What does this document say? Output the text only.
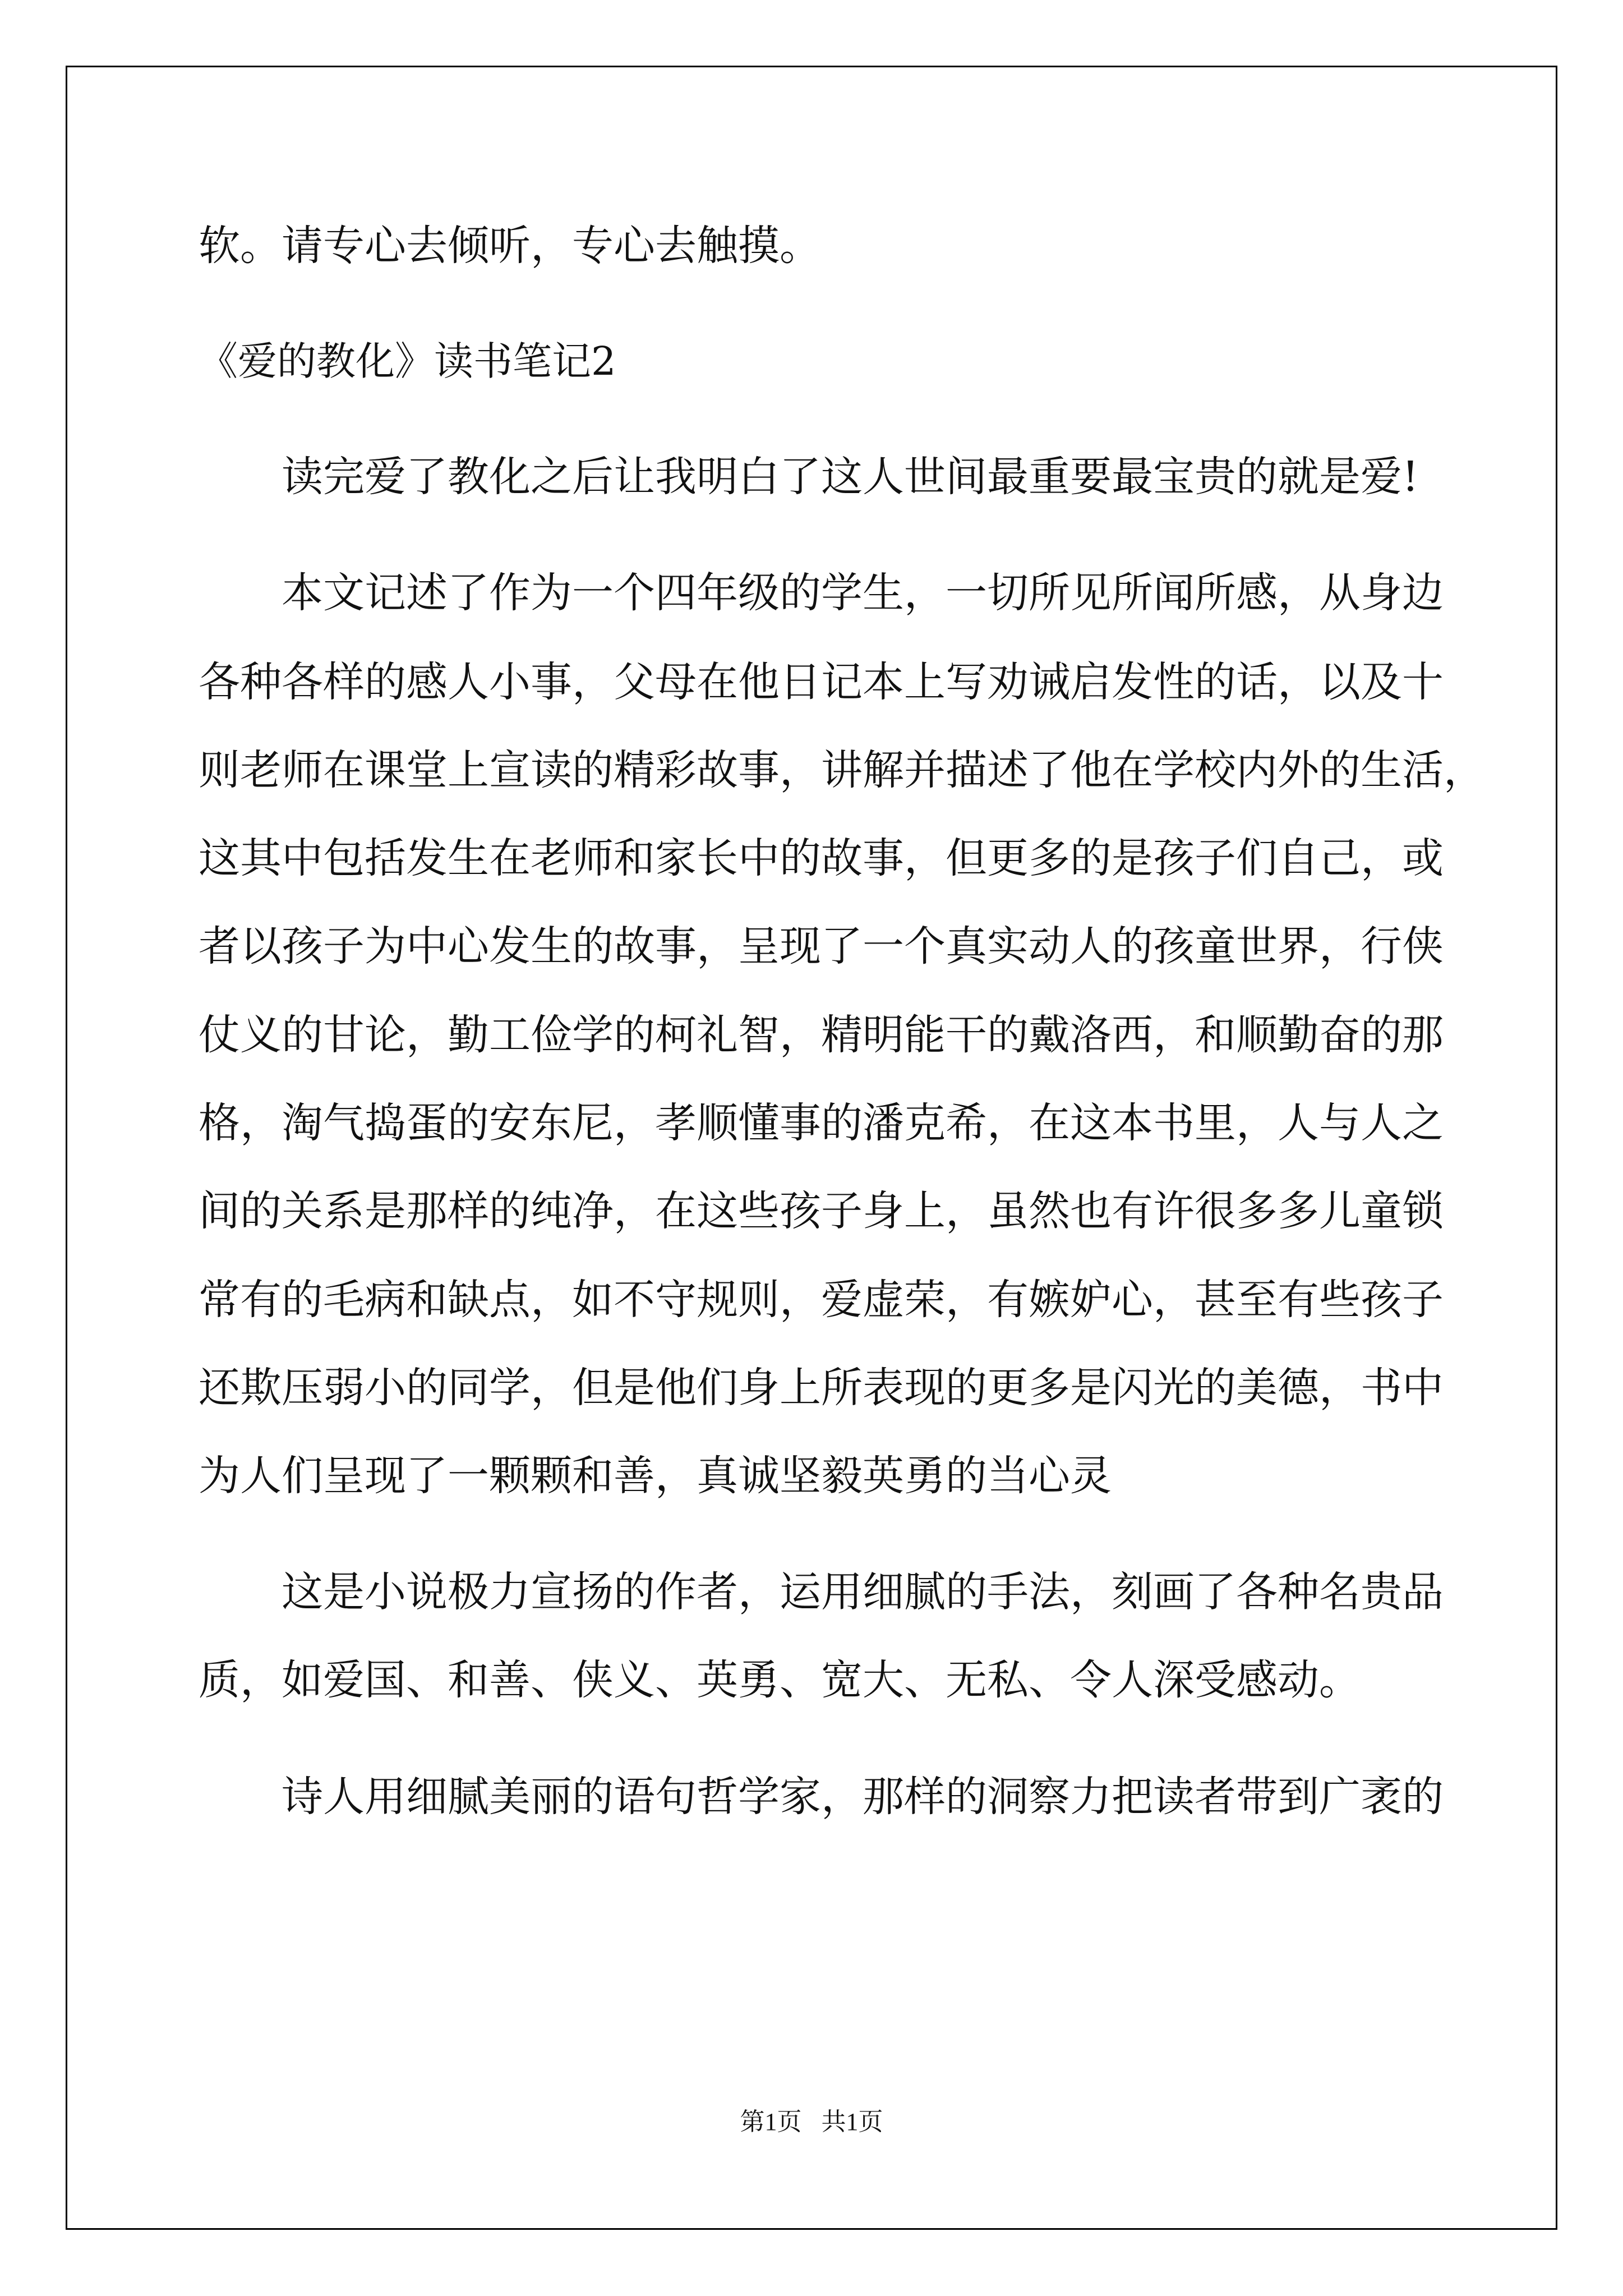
软。请专心去倾听，专心去触摸。

《爱的教化》读书笔记2

读完爱了教化之后让我明白了这人世间最重要最宝贵的就是爱!

本文记述了作为一个四年级的学生，一切所见所闻所感，从身边

各种各样的感人小事，父母在他日记本上写劝诫启发性的话，以及十

则老师在课堂上宣读的精彩故事，讲解并描述了他在学校内外的生活，

这其中包括发生在老师和家长中的故事，但更多的是孩子们自己，或

者以孩子为中心发生的故事，呈现了一个真实动人的孩童世界，行侠

仗义的甘论，勤工俭学的柯礼智，精明能干的戴洛西，和顺勤奋的那

格，淘气捣蛋的安东尼，孝顺懂事的潘克希，在这本书里，人与人之

间的关系是那样的纯净，在这些孩子身上，虽然也有许很多多儿童锁

常有的毛病和缺点，如不守规则，爱虚荣，有嫉妒心，甚至有些孩子

还欺压弱小的同学，但是他们身上所表现的更多是闪光的美德，书中

为人们呈现了一颗颗和善，真诚坚毅英勇的当心灵

这是小说极力宣扬的作者，运用细腻的手法，刻画了各种名贵品

质，如爱国、和善、侠义、英勇、宽大、无私、令人深受感动。

诗人用细腻美丽的语句哲学家，那样的洞察力把读者带到广袤的

第1页 共1页
